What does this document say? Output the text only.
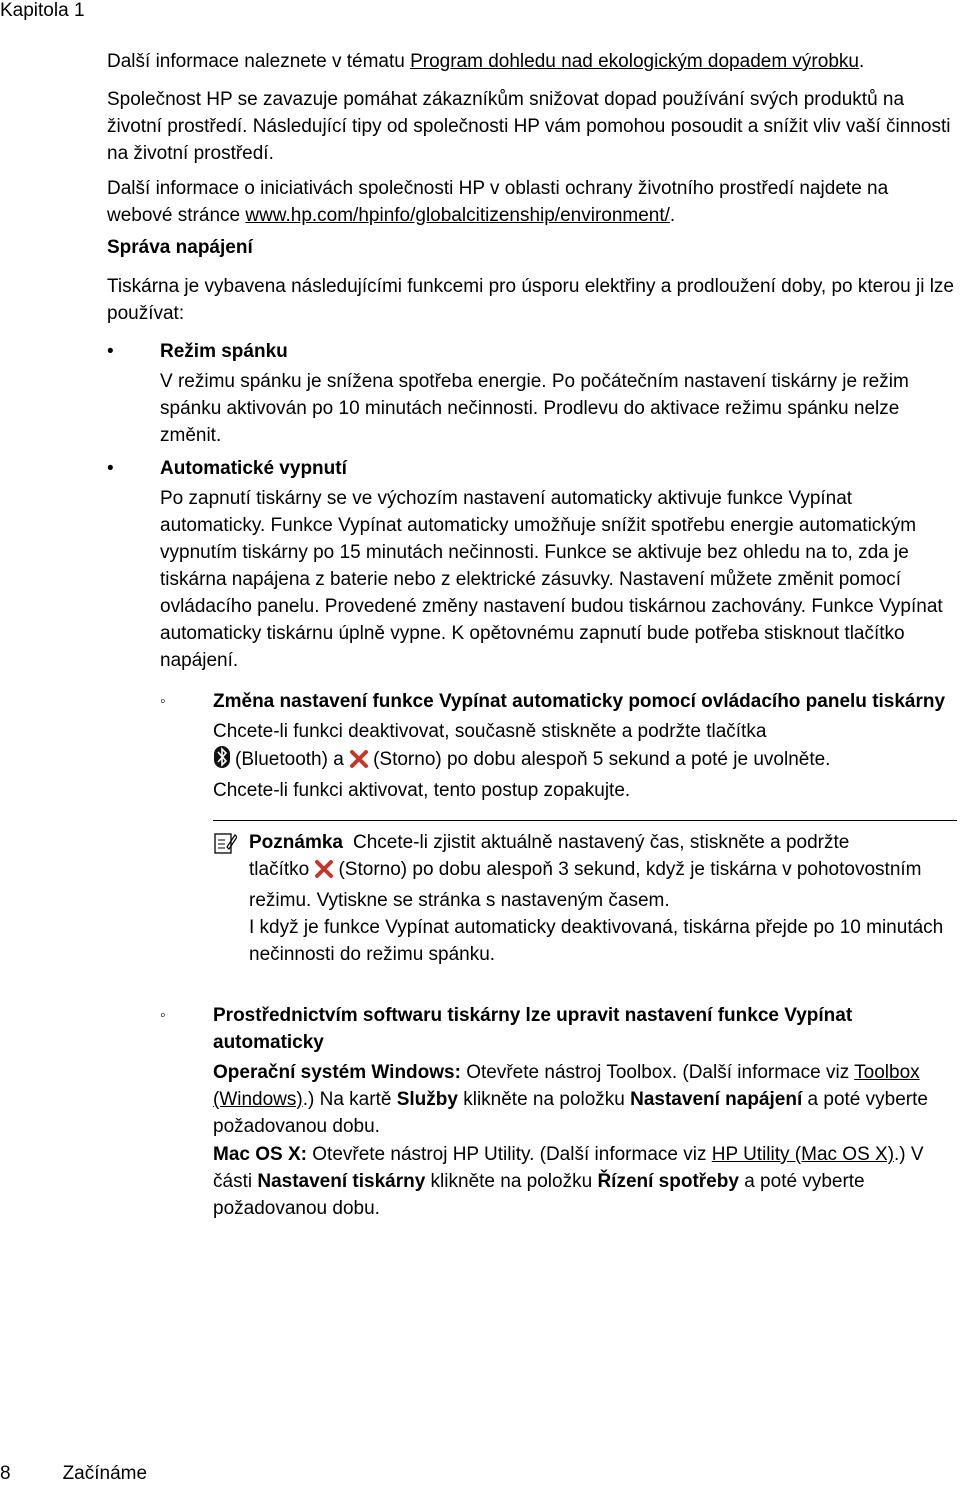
Kapitola 1

Další informace naleznete v tématu Program dohledu nad ekologickým dopadem výrobku.

Společnost HP se zavazuje pomáhat zákazníkům snižovat dopad používání svých produktů na životní prostředí. Následující tipy od společnosti HP vám pomohou posoudit a snížit vliv vaší činnosti na životní prostředí.

Další informace o iniciativách společnosti HP v oblasti ochrany životního prostředí najdete na webové stránce www.hp.com/hpinfo/globalcitizenship/environment/.

Správa napájení

Tiskárna je vybavena následujícími funkcemi pro úsporu elektřiny a prodloužení doby, po kterou ji lze používat:

•	Režim spánku
V režimu spánku je snížena spotřeba energie. Po počátečním nastavení tiskárny je režim spánku aktivován po 10 minutách nečinnosti. Prodlevu do aktivace režimu spánku nelze změnit.
•	Automatické vypnutí
Po zapnutí tiskárny se ve výchozím nastavení automaticky aktivuje funkce Vypínat automaticky. Funkce Vypínat automaticky umožňuje snížit spotřebu energie automatickým vypnutím tiskárny po 15 minutách nečinnosti. Funkce se aktivuje bez ohledu na to, zda je tiskárna napájena z baterie nebo z elektrické zásuvky. Nastavení můžete změnit pomocí ovládacího panelu. Provedené změny nastavení budou tiskárnou zachovány. Funkce Vypínat automaticky tiskárnu úplně vypne. K opětovnému zapnutí bude potřeba stisknout tlačítko napájení.
◦ Změna nastavení funkce Vypínat automaticky pomocí ovládacího panelu tiskárny
Chcete-li funkci deaktivovat, současně stiskněte a podržte tlačítka
(Bluetooth) a (Storno) po dobu alespoň 5 sekund a poté je uvolněte.
Chcete-li funkci aktivovat, tento postup zopakujte.
Poznámka Chcete-li zjistit aktuálně nastavený čas, stiskněte a podržte
tlačítko (Storno) po dobu alespoň 3 sekund, když je tiskárna v pohotovostním režimu. Vytiskne se stránka s nastaveným časem.
I když je funkce Vypínat automaticky deaktivovaná, tiskárna přejde po 10 minutách nečinnosti do režimu spánku.
◦ Prostřednictvím softwaru tiskárny lze upravit nastavení funkce Vypínat automaticky
Operační systém Windows: Otevřete nástroj Toolbox. (Další informace viz Toolbox (Windows).) Na kartě Služby klikněte na položku Nastavení napájení a poté vyberte požadovanou dobu.
Mac OS X: Otevřete nástroj HP Utility. (Další informace viz HP Utility (Mac OS X).) V části Nastavení tiskárny klikněte na položku Řízení spotřeby a poté vyberte požadovanou dobu.
8	Začínáme
